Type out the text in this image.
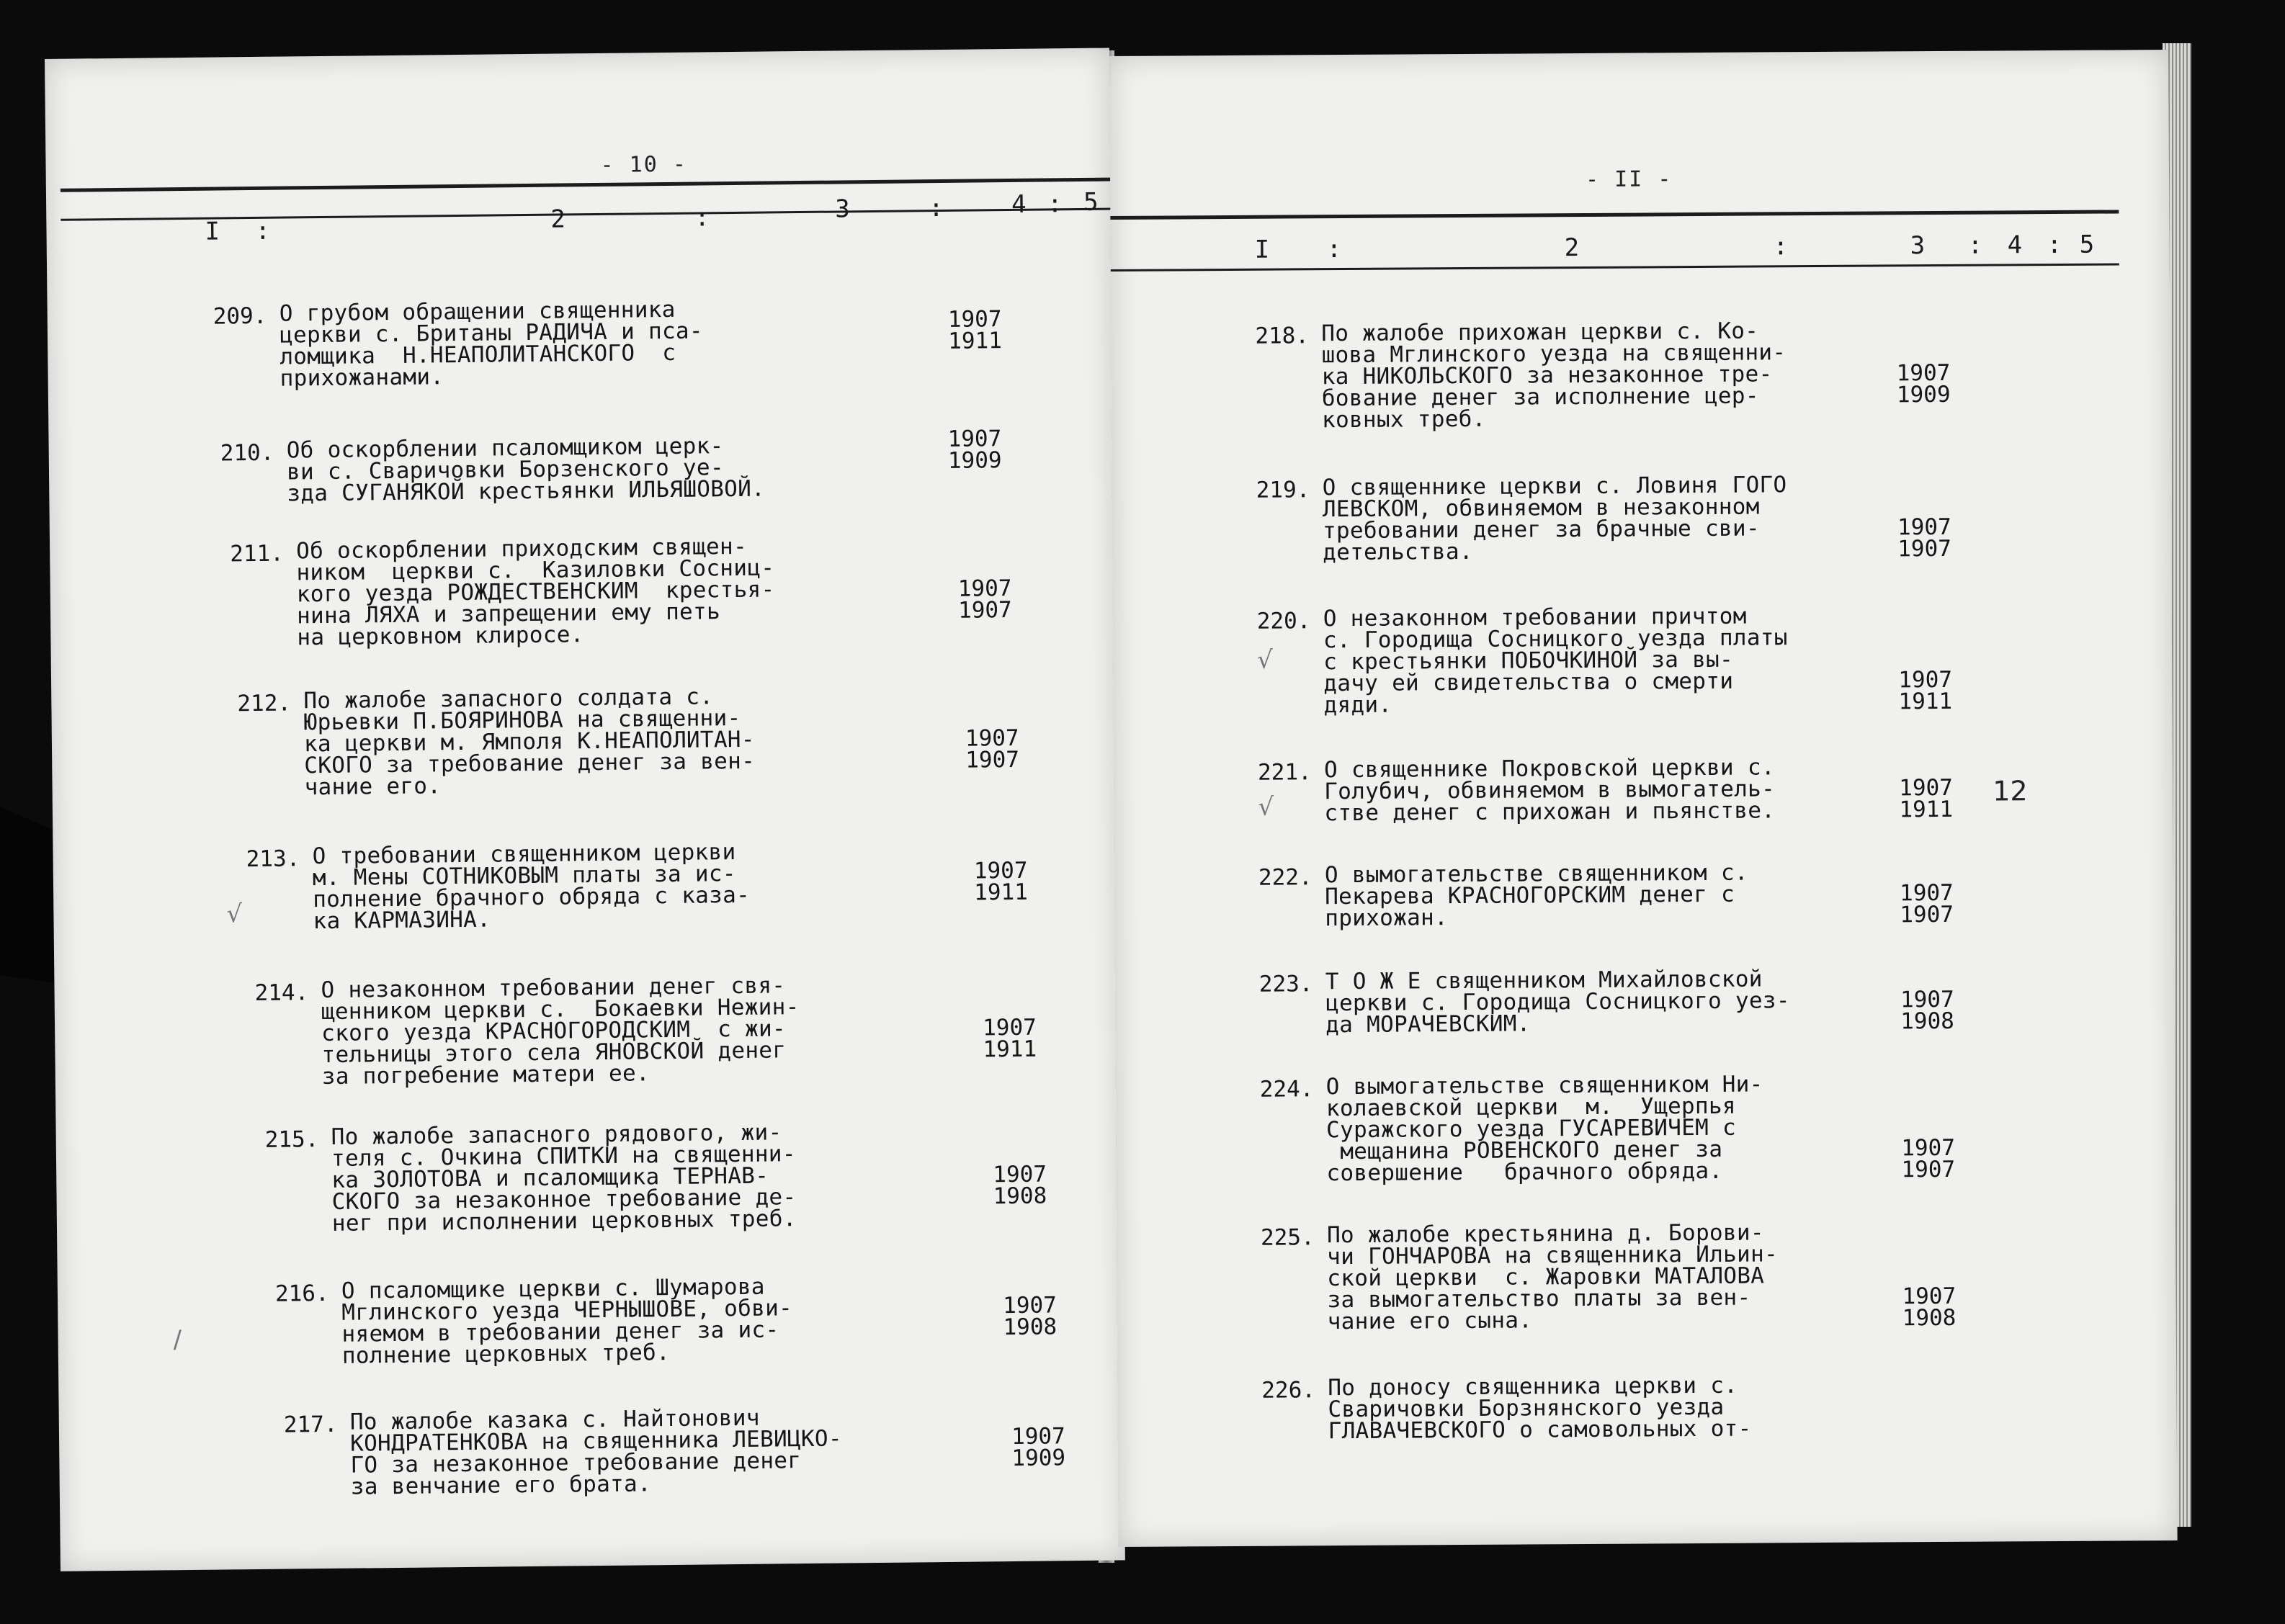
- 10 -
I :	2	:	3	:	4 : 5
209. О грубом обращении священника
церкви с. Британы РАДИЧА и пса-
ломщика  Н.НЕАПОЛИТАНСКОГО  с
прихожанами.
1907
1911
210. Об оскорблении псаломщиком церк-
ви с. Сваричовки Борзенского уе-
зда СУГАНЯКОЙ крестьянки ИЛЬЯШОВОЙ.
1907
1909
211. Об оскорблении приходским священ-
ником  церкви с.  Казиловки Сосниц-
кого уезда РОЖДЕСТВЕНСКИМ  крестья-
нина ЛЯХА и запрещении ему петь
на церковном клиросе.
1907
1907
212. По жалобе запасного солдата с.
Юрьевки П.БОЯРИНОВА на священни-
ка церкви м. Ямполя К.НЕАПОЛИТАН-
СКОГО за требование денег за вен-
чание его.
1907
1907
213. О требовании священником церкви
м. Мены СОТНИКОВЫМ платы за ис-
полнение брачного обряда с каза-
ка КАРМАЗИНА.
1907
1911
214. О незаконном требовании денег свя-
щенником церкви с.  Бокаевки Нежин-
ского уезда КРАСНОГОРОДСКИМ  с жи-
тельницы этого села ЯНОВСКОЙ денег
за погребение матери ее.
1907
1911
215. По жалобе запасного рядового, жи-
теля с. Очкина СПИТКИ на священни-
ка ЗОЛОТОВА и псаломщика ТЕРНАВ-
СКОГО за незаконное требование де-
нег при исполнении церковных треб.
1907
1908
216. О псаломщике церкви с. Шумарова
Мглинского уезда ЧЕРНЫШОВЕ, обви-
няемом в требовании денег за ис-
полнение церковных треб.
1907
1908
217. По жалобе казака с. Найтонович
КОНДРАТЕНКОВА на священника ЛЕВИЦКО-
ГО за незаконное требование денег
за венчание его брата.
1907
1909
√
/
- II -
I :	2	:	3 : 4 : 5
218. По жалобе прихожан церкви с. Ко-
шова Мглинского уезда на священни-
ка НИКОЛЬСКОГО за незаконное тре-
бование денег за исполнение цер-
ковных треб.
1907
1909
219. О священнике церкви с. Ловиня ГОГО
ЛЕВСКОМ, обвиняемом в незаконном
требовании денег за брачные сви-
детельства.
1907
1907
220. О незаконном требовании причтом
с. Городища Сосницкого уезда платы
с крестьянки ПОБОЧКИНОЙ за вы-
дачу ей свидетельства о смерти
дяди.
1907
1911
221. О священнике Покровской церкви с.
Голубич, обвиняемом в вымогатель-
стве денег с прихожан и пьянстве.
1907
1911
12
222. О вымогательстве священником с.
Пекарева КРАСНОГОРСКИМ денег с
прихожан.
1907
1907
223. Т О Ж Е священником Михайловской
церкви с. Городища Сосницкого уез-
да МОРАЧЕВСКИМ.
1907
1908
224. О вымогательстве священником Ни-
колаевской церкви  м.  Ущерпья
Суражского уезда ГУСАРЕВИЧЕМ с
мещанина РОВЕНСКОГО денег за
совершение   брачного обряда.
1907
1907
225. По жалобе крестьянина д. Борови-
чи ГОНЧАРОВА на священника Ильин-
ской церкви  с. Жаровки МАТАЛОВА
за вымогательство платы за вен-
чание его сына.
1907
1908
226. По доносу священника церкви с.
Сваричовки Борзнянского уезда
ГЛАВАЧЕВСКОГО о самовольных от-
√
√
